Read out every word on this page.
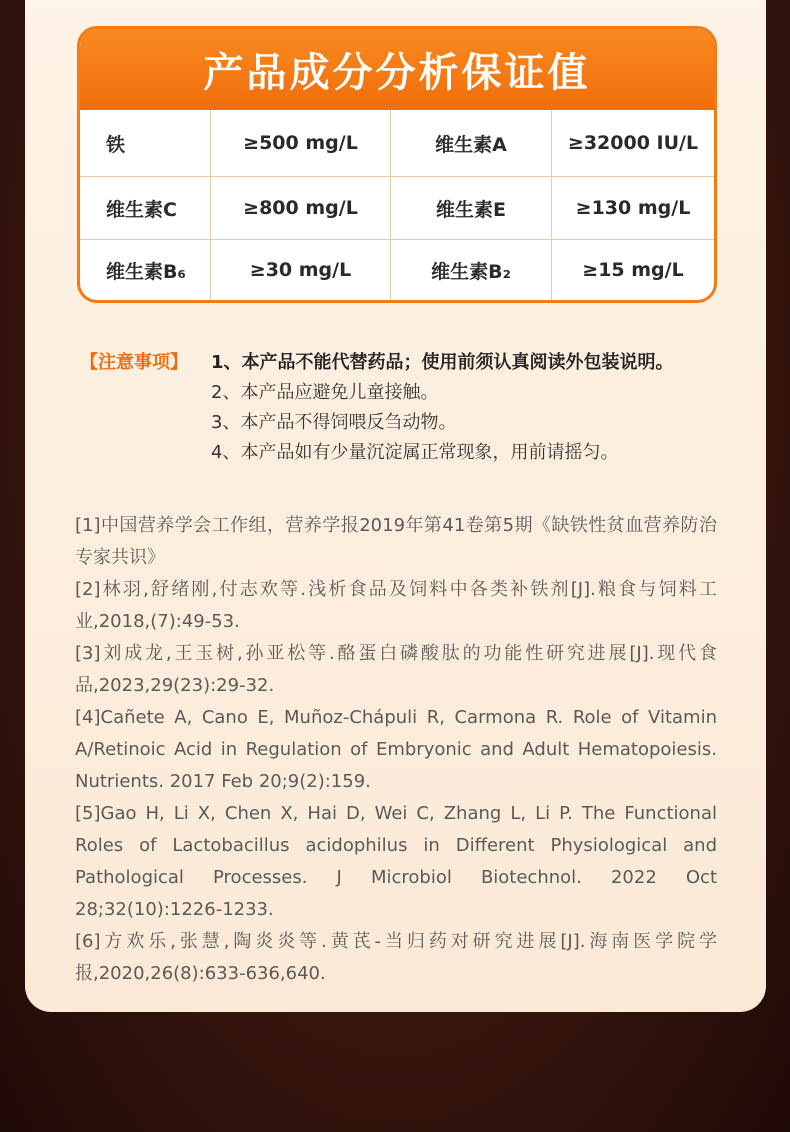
产品成分分析保证值
铁	≥500 mg/L	维生素A	≥32000 IU/L
维生素C	≥800 mg/L	维生素E	≥130 mg/L
维生素B₆	≥30 mg/L	维生素B₂	≥15 mg/L
【注意事项】 1、本产品不能代替药品；使用前须认真阅读外包装说明。
2、本产品应避免儿童接触。
3、本产品不得饲喂反刍动物。
4、本产品如有少量沉淀属正常现象，用前请摇匀。

[1]中国营养学会工作组，营养学报2019年第41卷第5期《缺铁性贫血营养防治专家共识》

[2]林羽,舒绪刚,付志欢等.浅析食品及饲料中各类补铁剂[J].粮食与饲料工业,2018,(7):49-53.

[3]刘成龙,王玉树,孙亚松等.酪蛋白磷酸肽的功能性研究进展[J].现代食品,2023,29(23):29-32.

[4]Cañete A, Cano E, Muñoz-Chápuli R, Carmona R. Role of Vitamin A/Retinoic Acid in Regulation of Embryonic and Adult Hematopoiesis. Nutrients. 2017 Feb 20;9(2):159.

[5]Gao H, Li X, Chen X, Hai D, Wei C, Zhang L, Li P. The Functional Roles of Lactobacillus acidophilus in Different Physiological and Pathological Processes. J Microbiol Biotechnol. 2022 Oct 28;32(10):1226-1233.

[6]方欢乐,张慧,陶炎炎等.黄芪-当归药对研究进展[J].海南医学院学报,2020,26(8):633-636,640.
